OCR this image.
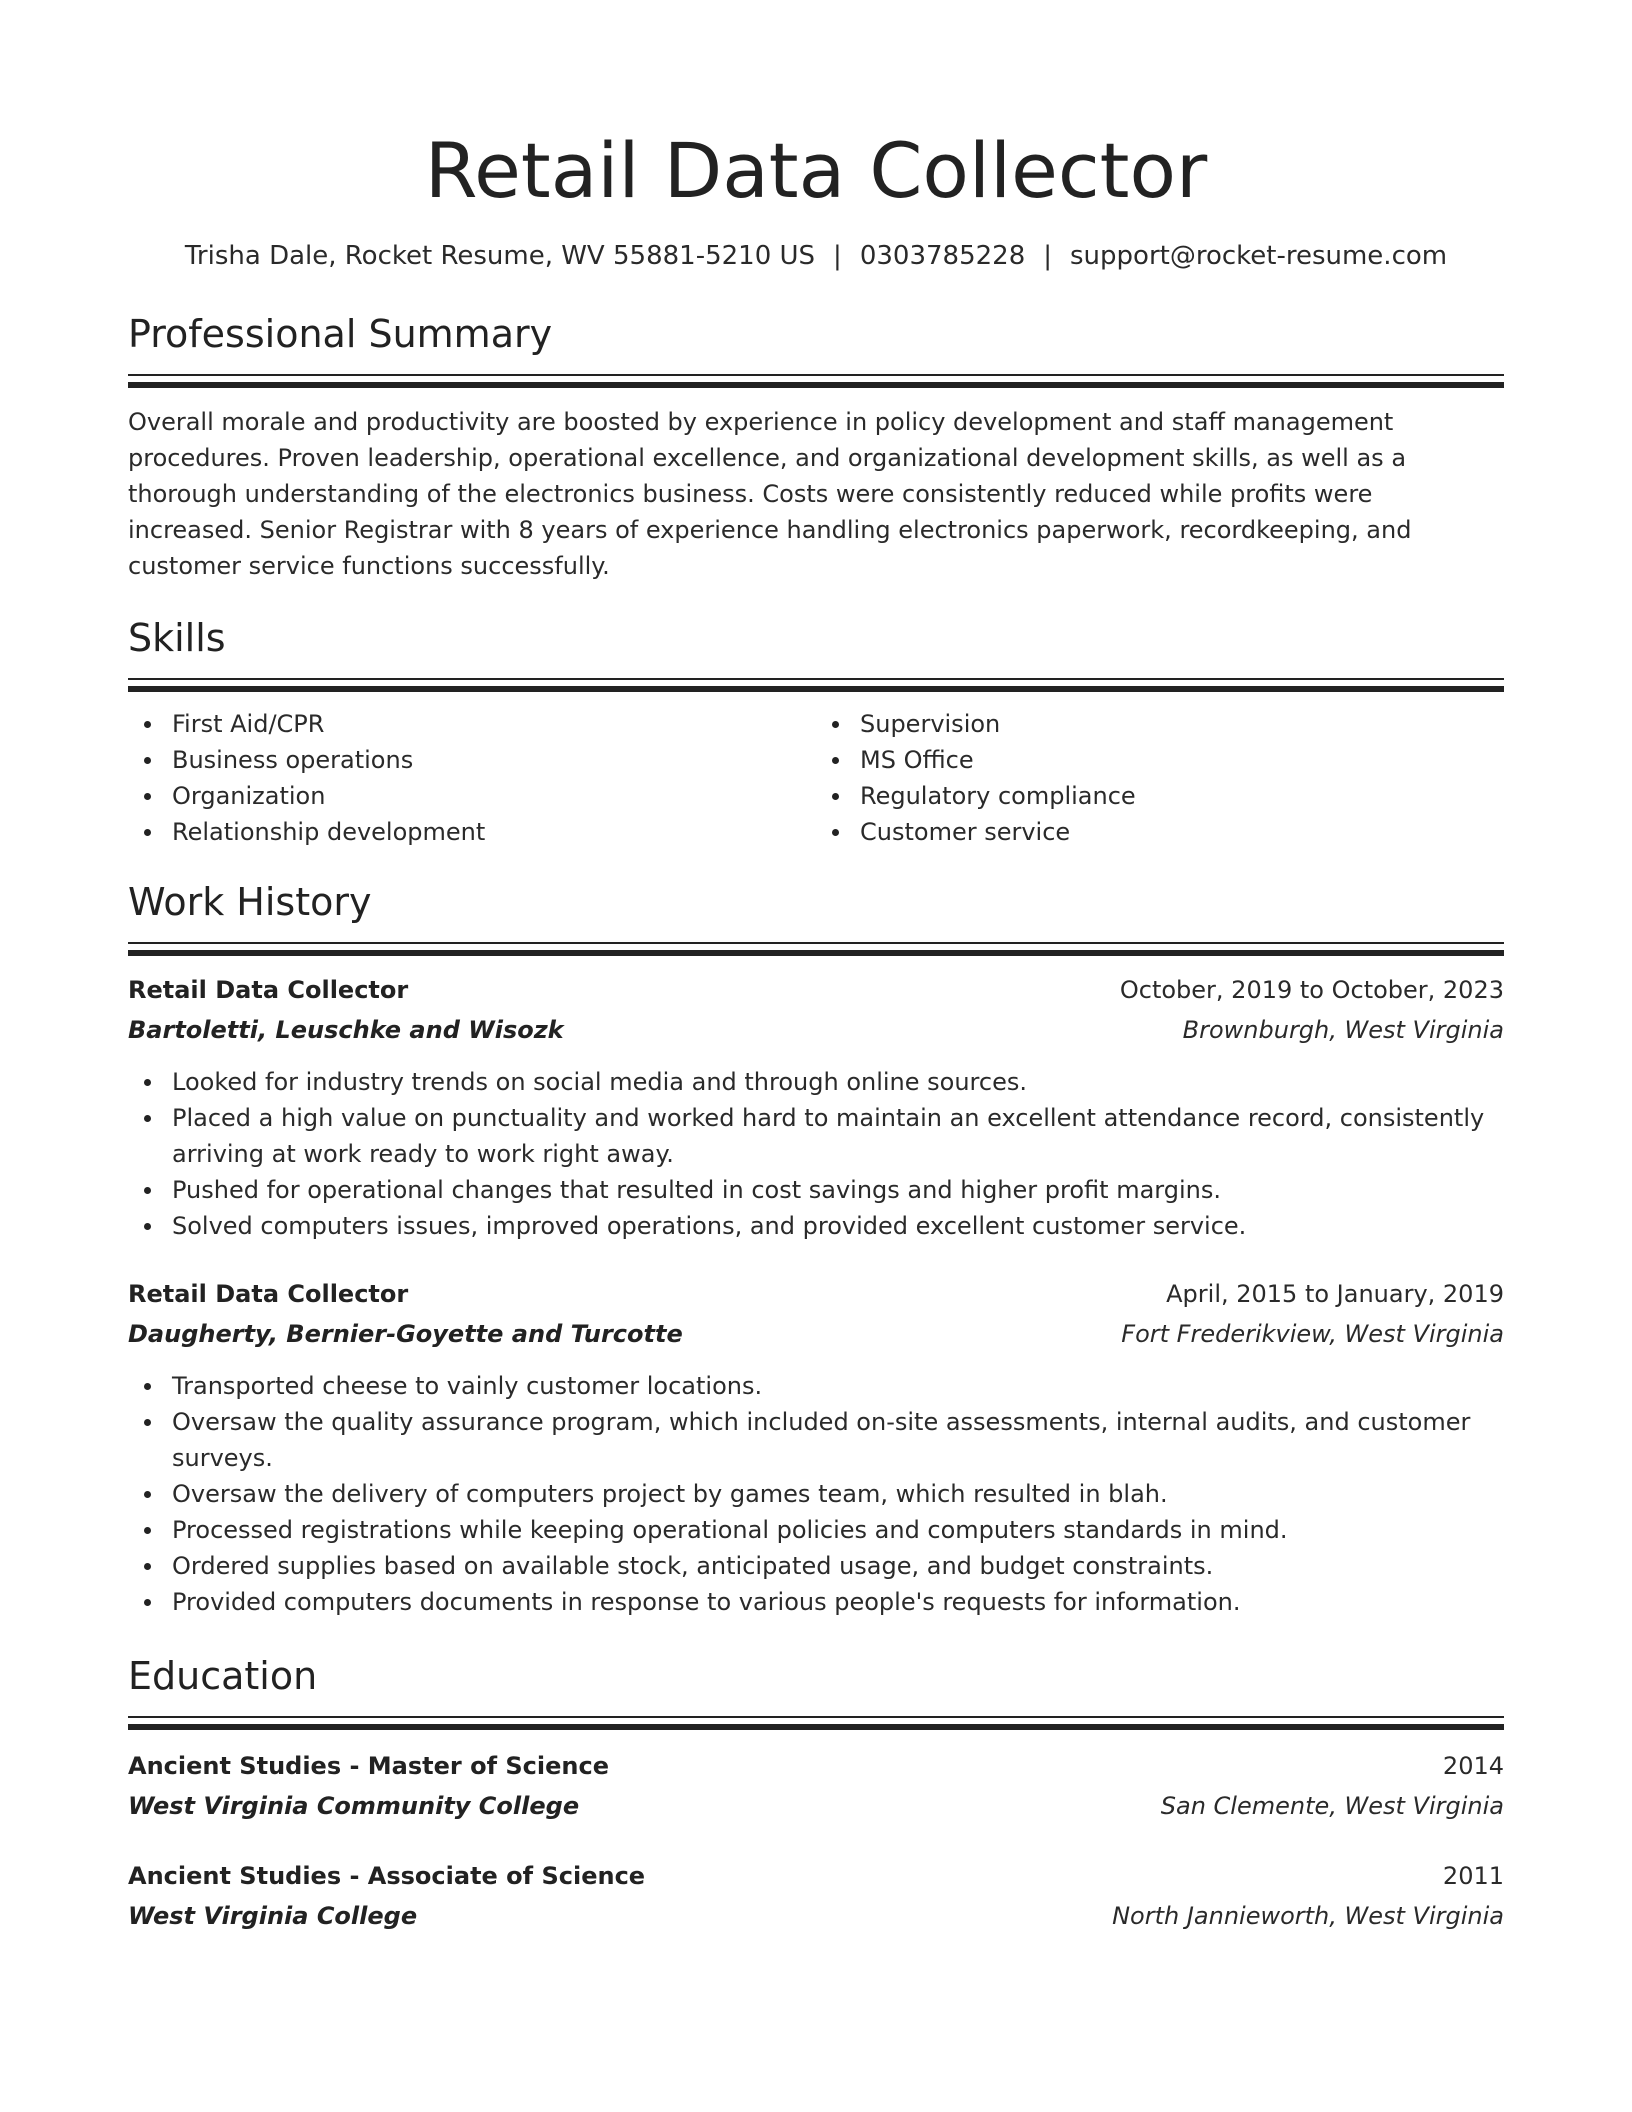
Retail Data Collector
Trisha Dale, Rocket Resume, WV 55881-5210 US | 0303785228 | support@rocket-resume.com
Professional Summary

Overall morale and productivity are boosted by experience in policy development and staff management procedures. Proven leadership, operational excellence, and organizational development skills, as well as a thorough understanding of the electronics business. Costs were consistently reduced while profits were increased. Senior Registrar with 8 years of experience handling electronics paperwork, recordkeeping, and customer service functions successfully.

Skills
First Aid/CPR
Business operations
Organization
Relationship development
Supervision
MS Office
Regulatory compliance
Customer service
Work History
Retail Data Collector	October, 2019 to October, 2023
Bartoletti, Leuschke and Wisozk	Brownburgh, West Virginia
Looked for industry trends on social media and through online sources.
Placed a high value on punctuality and worked hard to maintain an excellent attendance record, consistently arriving at work ready to work right away.
Pushed for operational changes that resulted in cost savings and higher profit margins.
Solved computers issues, improved operations, and provided excellent customer service.
Retail Data Collector	April, 2015 to January, 2019
Daugherty, Bernier-Goyette and Turcotte	Fort Frederikview, West Virginia
Transported cheese to vainly customer locations.
Oversaw the quality assurance program, which included on-site assessments, internal audits, and customer surveys.
Oversaw the delivery of computers project by games team, which resulted in blah.
Processed registrations while keeping operational policies and computers standards in mind.
Ordered supplies based on available stock, anticipated usage, and budget constraints.
Provided computers documents in response to various people's requests for information.
Education
Ancient Studies - Master of Science	2014
West Virginia Community College	San Clemente, West Virginia
Ancient Studies - Associate of Science	2011
West Virginia College	North Jannieworth, West Virginia
